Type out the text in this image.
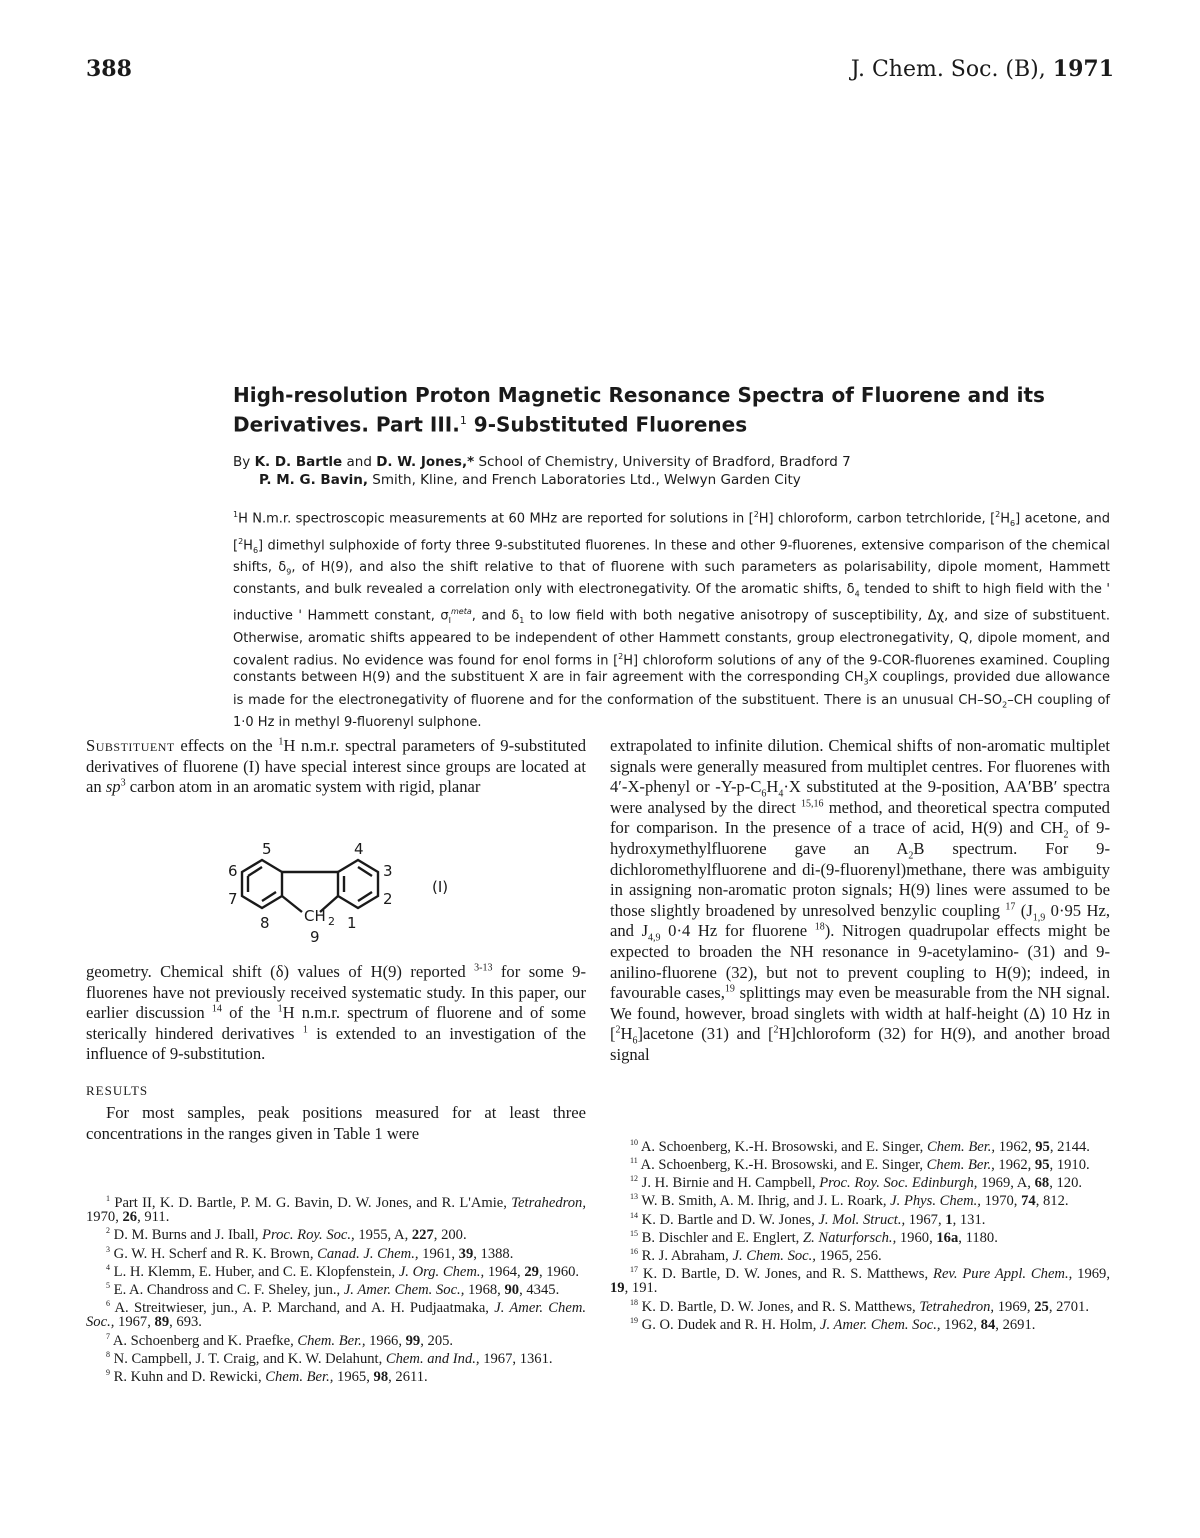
388	J. Chem. Soc. (B), 1971
High-resolution Proton Magnetic Resonance Spectra of Fluorene and its Derivatives. Part III.$^1$ 9-Substituted Fluorenes
By K. D. Bartle and D. W. Jones,* School of Chemistry, University of Bradford, Bradford 7
P. M. G. Bavin, Smith, Kline, and French Laboratories Ltd., Welwyn Garden City

$^1$H N.m.r. spectroscopic measurements at 60 MHz are reported for solutions in [$^2$H] chloroform, carbon tetrchloride, $[^2H_6]$ acetone, and $[^2H_6]$ dimethyl sulphoxide of forty three 9-substituted fluorenes. In these and other 9-fluorenes, extensive comparison of the chemical shifts, $\delta_9$, of H(9), and also the shift relative to that of fluorene with such parameters as polarisability, dipole moment, Hammett constants, and bulk revealed a correlation only with electronegativity. Of the aromatic shifts, $\delta_4$ tended to shift to high field with the ' inductive ' Hammett constant, $\sigma_I^{meta}$, and $\delta_1$ to low field with both negative anisotropy of susceptibility, Δχ, and size of substituent. Otherwise, aromatic shifts appeared to be independent of other Hammett constants, group electronegativity, Q, dipole moment, and covalent radius. No evidence was found for enol forms in [$^2$H] chloroform solutions of any of the 9-COR-fluorenes examined. Coupling constants between H(9) and the substituent X are in fair agreement with the corresponding $CH_3X$ couplings, provided due allowance is made for the electronegativity of fluorene and for the conformation of the substituent. There is an unusual $CH-SO_2-CH$ coupling of 1·0 Hz in methyl 9-fluorenyl sulphone.

Substituent effects on the $^1$H n.m.r. spectral parameters of 9-substituted derivatives of fluorene (I) have special interest since groups are located at an $sp^3$ carbon atom in an aromatic system with rigid, planar

5	4
6	3
7	2
8	1
9
CH 2
(I)

geometry. Chemical shift (δ) values of H(9) reported $^{3-13}$ for some 9-fluorenes have not previously received systematic study. In this paper, our earlier discussion $^{14}$ of the $^1$H n.m.r. spectrum of fluorene and of some sterically hindered derivatives $^1$ is extended to an investigation of the influence of 9-substitution.

RESULTS

For most samples, peak positions measured for at least three concentrations in the ranges given in Table 1 were

$^1$ Part II, K. D. Bartle, P. M. G. Bavin, D. W. Jones, and R. L'Amie, Tetrahedron, 1970, 26, 911.

$^2$ D. M. Burns and J. Iball, Proc. Roy. Soc., 1955, A, 227, 200.

$^3$ G. W. H. Scherf and R. K. Brown, Canad. J. Chem., 1961, 39, 1388.

$^4$ L. H. Klemm, E. Huber, and C. E. Klopfenstein, J. Org. Chem., 1964, 29, 1960.

$^5$ E. A. Chandross and C. F. Sheley, jun., J. Amer. Chem. Soc., 1968, 90, 4345.

$^6$ A. Streitwieser, jun., A. P. Marchand, and A. H. Pudjaatmaka, J. Amer. Chem. Soc., 1967, 89, 693.

$^7$ A. Schoenberg and K. Praefke, Chem. Ber., 1966, 99, 205.

$^8$ N. Campbell, J. T. Craig, and K. W. Delahunt, Chem. and Ind., 1967, 1361.

$^9$ R. Kuhn and D. Rewicki, Chem. Ber., 1965, 98, 2611.

extrapolated to infinite dilution. Chemical shifts of non-aromatic multiplet signals were generally measured from multiplet centres. For fluorenes with 4′-X-phenyl or $-Y-p-C_6H_4\cdot X$ substituted at the 9-position, AA′BB′ spectra were analysed by the direct $^{15,16}$ method, and theoretical spectra computed for comparison. In the presence of a trace of acid, H(9) and $CH_2$ of 9-hydroxymethylfluorene gave an $A_2B$ spectrum. For 9-dichloromethylfluorene and di-(9-fluorenyl)methane, there was ambiguity in assigning non-aromatic proton signals; H(9) lines were assumed to be those slightly broadened by unresolved benzylic coupling $^{17}$ ($J_{1,9}$ 0·95 Hz, and $J_{4,9}$ 0·4 Hz for fluorene $^{18}$). Nitrogen quadrupolar effects might be expected to broaden the NH resonance in 9-acetylamino- (31) and 9-anilino-fluorene (32), but not to prevent coupling to H(9); indeed, in favourable cases,$^{19}$ splittings may even be measurable from the NH signal. We found, however, broad singlets with width at half-height (Δ) 10 Hz in $[^2H_6]acetone$ (31) and [$^2$H]chloroform (32) for H(9), and another broad signal

$^{10}$ A. Schoenberg, K.-H. Brosowski, and E. Singer, Chem. Ber., 1962, 95, 2144.

$^{11}$ A. Schoenberg, K.-H. Brosowski, and E. Singer, Chem. Ber., 1962, 95, 1910.

$^{12}$ J. H. Birnie and H. Campbell, Proc. Roy. Soc. Edinburgh, 1969, A, 68, 120.

$^{13}$ W. B. Smith, A. M. Ihrig, and J. L. Roark, J. Phys. Chem., 1970, 74, 812.

$^{14}$ K. D. Bartle and D. W. Jones, J. Mol. Struct., 1967, 1, 131.

$^{15}$ B. Dischler and E. Englert, Z. Naturforsch., 1960, 16a, 1180.

$^{16}$ R. J. Abraham, J. Chem. Soc., 1965, 256.

$^{17}$ K. D. Bartle, D. W. Jones, and R. S. Matthews, Rev. Pure Appl. Chem., 1969, 19, 191.

$^{18}$ K. D. Bartle, D. W. Jones, and R. S. Matthews, Tetrahedron, 1969, 25, 2701.

$^{19}$ G. O. Dudek and R. H. Holm, J. Amer. Chem. Soc., 1962, 84, 2691.
